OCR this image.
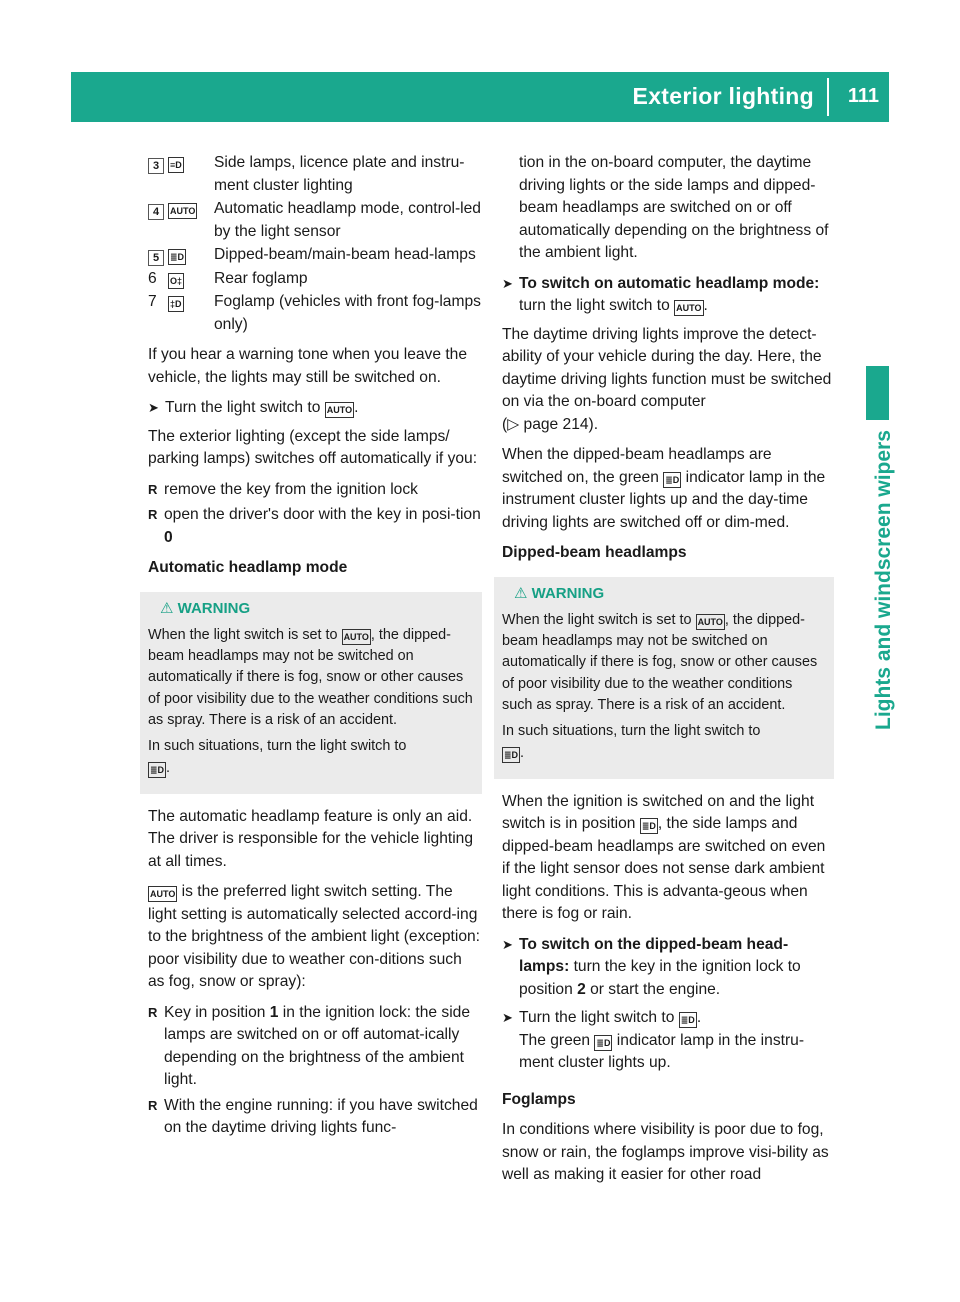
Exterior lighting 111
Lights and windscreen wipers
3	≡D	Side lamps, licence plate and instru-ment cluster lighting
4	AUTO	Automatic headlamp mode, control-led by the light sensor
5	≣D	Dipped-beam/main-beam head-lamps
6	O‡	Rear foglamp
7	‡D	Foglamp (vehicles with front fog-lamps only)

If you hear a warning tone when you leave the vehicle, the lights may still be switched on.

➤ Turn the light switch to AUTO .

The exterior lighting (except the side lamps/ parking lamps) switches off automatically if you:

R remove the key from the ignition lock
R open the driver's door with the key in posi-tion 0
Automatic headlamp mode
⚠ WARNING

When the light switch is set to AUTO , the dipped-beam headlamps may not be switched on automatically if there is fog, snow or other causes of poor visibility due to the weather conditions such as spray. There is a risk of an accident.

In such situations, turn the light switch to
≣D .

The automatic headlamp feature is only an aid. The driver is responsible for the vehicle lighting at all times.

AUTO is the preferred light switch setting. The light setting is automatically selected accord-ing to the brightness of the ambient light (exception: poor visibility due to weather con-ditions such as fog, snow or spray):

R Key in position 1 in the ignition lock: the side lamps are switched on or off automat-ically depending on the brightness of the ambient light.
R With the engine running: if you have switched on the daytime driving lights func-

tion in the on-board computer, the daytime driving lights or the side lamps and dipped-beam headlamps are switched on or off automatically depending on the brightness of the ambient light.

➤ To switch on automatic headlamp mode: turn the light switch to AUTO .

The daytime driving lights improve the detect-ability of your vehicle during the day. Here, the daytime driving lights function must be switched on via the on-board computer
(▷ page 214).

When the dipped-beam headlamps are switched on, the green ≣D indicator lamp in the instrument cluster lights up and the day-time driving lights are switched off or dim-med.

Dipped-beam headlamps
⚠ WARNING

When the light switch is set to AUTO , the dipped-beam headlamps may not be switched on automatically if there is fog, snow or other causes of poor visibility due to the weather conditions such as spray. There is a risk of an accident.

In such situations, turn the light switch to
≣D .

When the ignition is switched on and the light switch is in position ≣D , the side lamps and dipped-beam headlamps are switched on even if the light sensor does not sense dark ambient light conditions. This is advanta-geous when there is fog or rain.

➤ To switch on the dipped-beam head-lamps: turn the key in the ignition lock to position 2 or start the engine.
➤ Turn the light switch to ≣D .
The green ≣D indicator lamp in the instru-ment cluster lights up.
Foglamps

In conditions where visibility is poor due to fog, snow or rain, the foglamps improve visi-bility as well as making it easier for other road
